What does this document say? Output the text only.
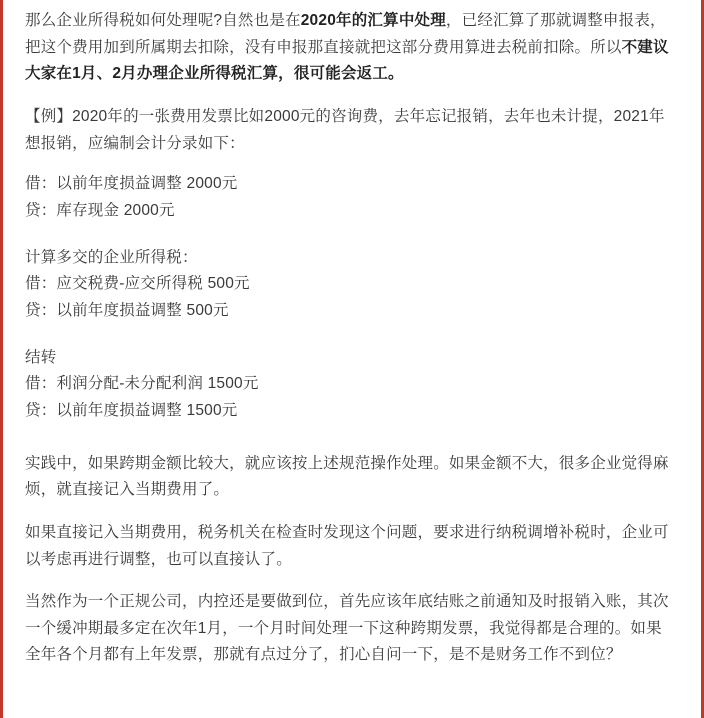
那么企业所得税如何处理呢?自然也是在2020年的汇算中处理，已经汇算了那就调整申报表，把这个费用加到所属期去扣除，没有申报那直接就把这部分费用算进去税前扣除。所以不建议大家在1月、2月办理企业所得税汇算，很可能会返工。

【例】2020年的一张费用发票比如2000元的咨询费，去年忘记报销，去年也未计提，2021年想报销，应编制会计分录如下：

借：以前年度损益调整 2000元

贷：库存现金 2000元

计算多交的企业所得税：

借：应交税费-应交所得税 500元

贷：以前年度损益调整 500元

结转

借：利润分配-未分配利润 1500元

贷：以前年度损益调整 1500元

实践中，如果跨期金额比较大，就应该按上述规范操作处理。如果金额不大，很多企业觉得麻烦，就直接记入当期费用了。

如果直接记入当期费用，税务机关在检查时发现这个问题，要求进行纳税调增补税时，企业可以考虑再进行调整，也可以直接认了。

当然作为一个正规公司，内控还是要做到位，首先应该年底结账之前通知及时报销入账，其次一个缓冲期最多定在次年1月，一个月时间处理一下这种跨期发票，我觉得都是合理的。如果全年各个月都有上年发票，那就有点过分了，扪心自问一下，是不是财务工作不到位？
